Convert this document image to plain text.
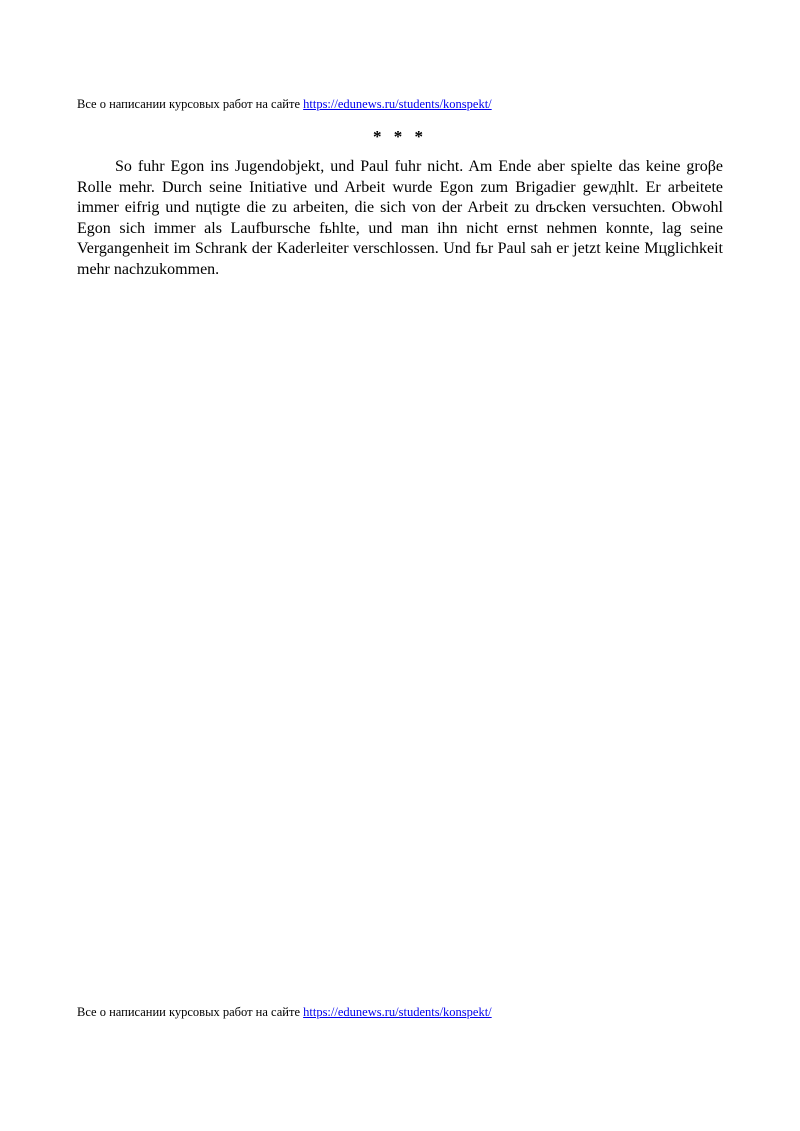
Все о написании курсовых работ на сайте https://edunews.ru/students/konspekt/
* * *

So fuhr Egon ins Jugendobjekt, und Paul fuhr nicht. Am Ende aber spielte das keine groβe Rolle mehr. Durch seine Initiative und Arbeit wurde Egon zum Brigadier gewдhlt. Er arbeitete immer eifrig und nцtigte die zu arbeiten, die sich von der Arbeit zu drьcken versuchten. Obwohl Egon sich immer als Laufbursche fьhlte, und man ihn nicht ernst nehmen konnte, lag seine Vergangenheit im Schrank der Kaderleiter verschlossen. Und fьr Paul sah er jetzt keine Mцglichkeit mehr nachzukommen.

Все о написании курсовых работ на сайте https://edunews.ru/students/konspekt/
